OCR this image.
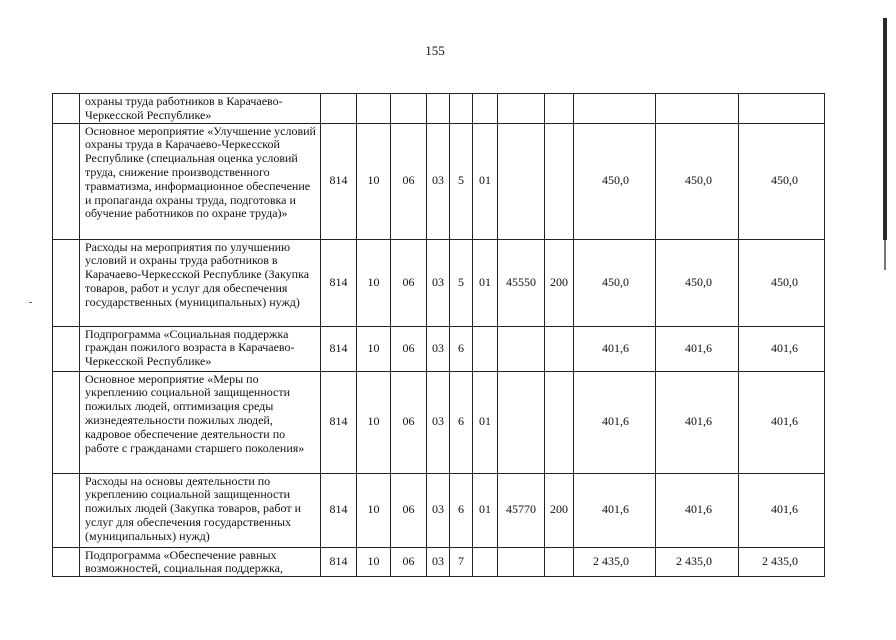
155
	охраны труда работников в Карачаево-Черкесской Республике»											
	Основное мероприятие «Улучшение условий охраны труда в Карачаево-Черкесской Республике (специальная оценка условий труда, снижение производственного травматизма, информационное обеспечение и пропаганда охраны труда, подготовка и обучение работников по охране труда)»	814	10	06	03	5	01			450,0	450,0	450,0
	Расходы на мероприятия по улучшению условий и охраны труда работников в Карачаево-Черкесской Республике (Закупка товаров, работ и услуг для обеспечения государственных (муниципальных) нужд)	814	10	06	03	5	01	45550	200	450,0	450,0	450,0
	Подпрограмма «Социальная поддержка граждан пожилого возраста в Карачаево-Черкесской Республике»	814	10	06	03	6				401,6	401,6	401,6
	Основное мероприятие «Меры по укреплению социальной защищенности пожилых людей, оптимизация среды жизнедеятельности пожилых людей, кадровое обеспечение деятельности по работе с гражданами старшего поколения»	814	10	06	03	6	01			401,6	401,6	401,6
	Расходы на основы деятельности по укреплению социальной защищенности пожилых людей (Закупка товаров, работ и услуг для обеспечения государственных (муниципальных) нужд)	814	10	06	03	6	01	45770	200	401,6	401,6	401,6
	Подпрограмма «Обеспечение равных возможностей, социальная поддержка,	814	10	06	03	7				2 435,0	2 435,0	2 435,0
